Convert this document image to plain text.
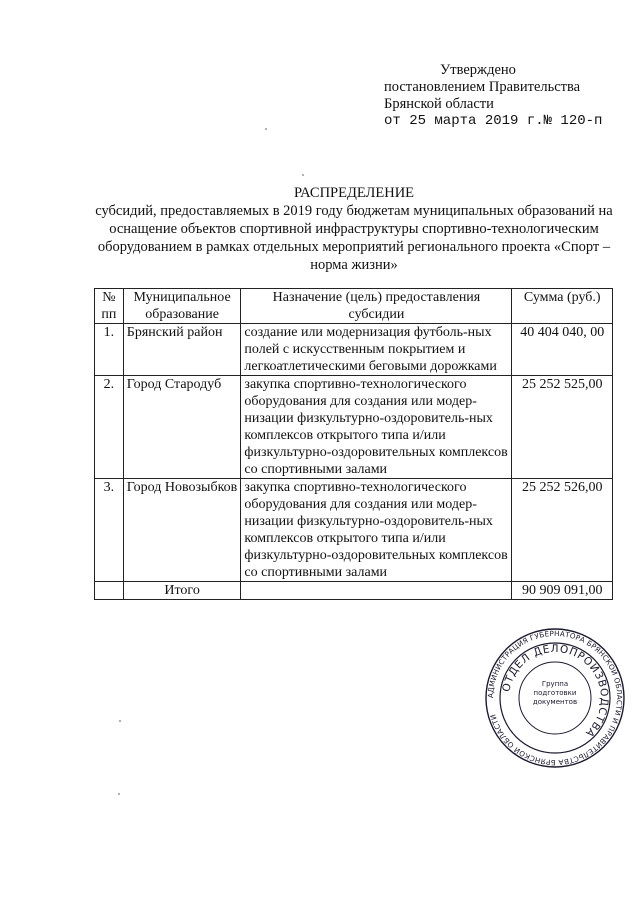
Утверждено
постановлением Правительства
Брянской области
от 25 марта 2019 г.№ 120-п
РАСПРЕДЕЛЕНИЕ
субсидий, предоставляемых в 2019 году бюджетам муниципальных образований на оснащение объектов спортивной инфраструктуры спортивно-технологическим оборудованием в рамках отдельных мероприятий регионального проекта «Спорт – норма жизни»
№ пп	Муниципальное образование	Назначение (цель) предоставления субсидии	Сумма (руб.)
1.	Брянский район	создание или модернизация футболь-ных полей с искусственным покрытием и легкоатлетическими беговыми дорожками	40 404 040, 00
2.	Город Стародуб	закупка спортивно-технологического оборудования для создания или модер-низации физкультурно-оздоровитель-ных комплексов открытого типа и/или физкультурно-оздоровительных комплексов со спортивными залами	25 252 525,00
3.	Город Новозыбков	закупка спортивно-технологического оборудования для создания или модер-низации физкультурно-оздоровитель-ных комплексов открытого типа и/или физкультурно-оздоровительных комплексов со спортивными залами	25 252 526,00
	Итого		90 909 091,00
АДМИНИСТРАЦИЯ ГУБЕРНАТОРА БРЯНСКОЙ ОБЛАСТИ И ПРАВИТЕЛЬСТВА БРЯНСКОЙ ОБЛАСТИ
ОТДЕЛ ДЕЛОПРОИЗВОДСТВА
Группа подготовки документов
